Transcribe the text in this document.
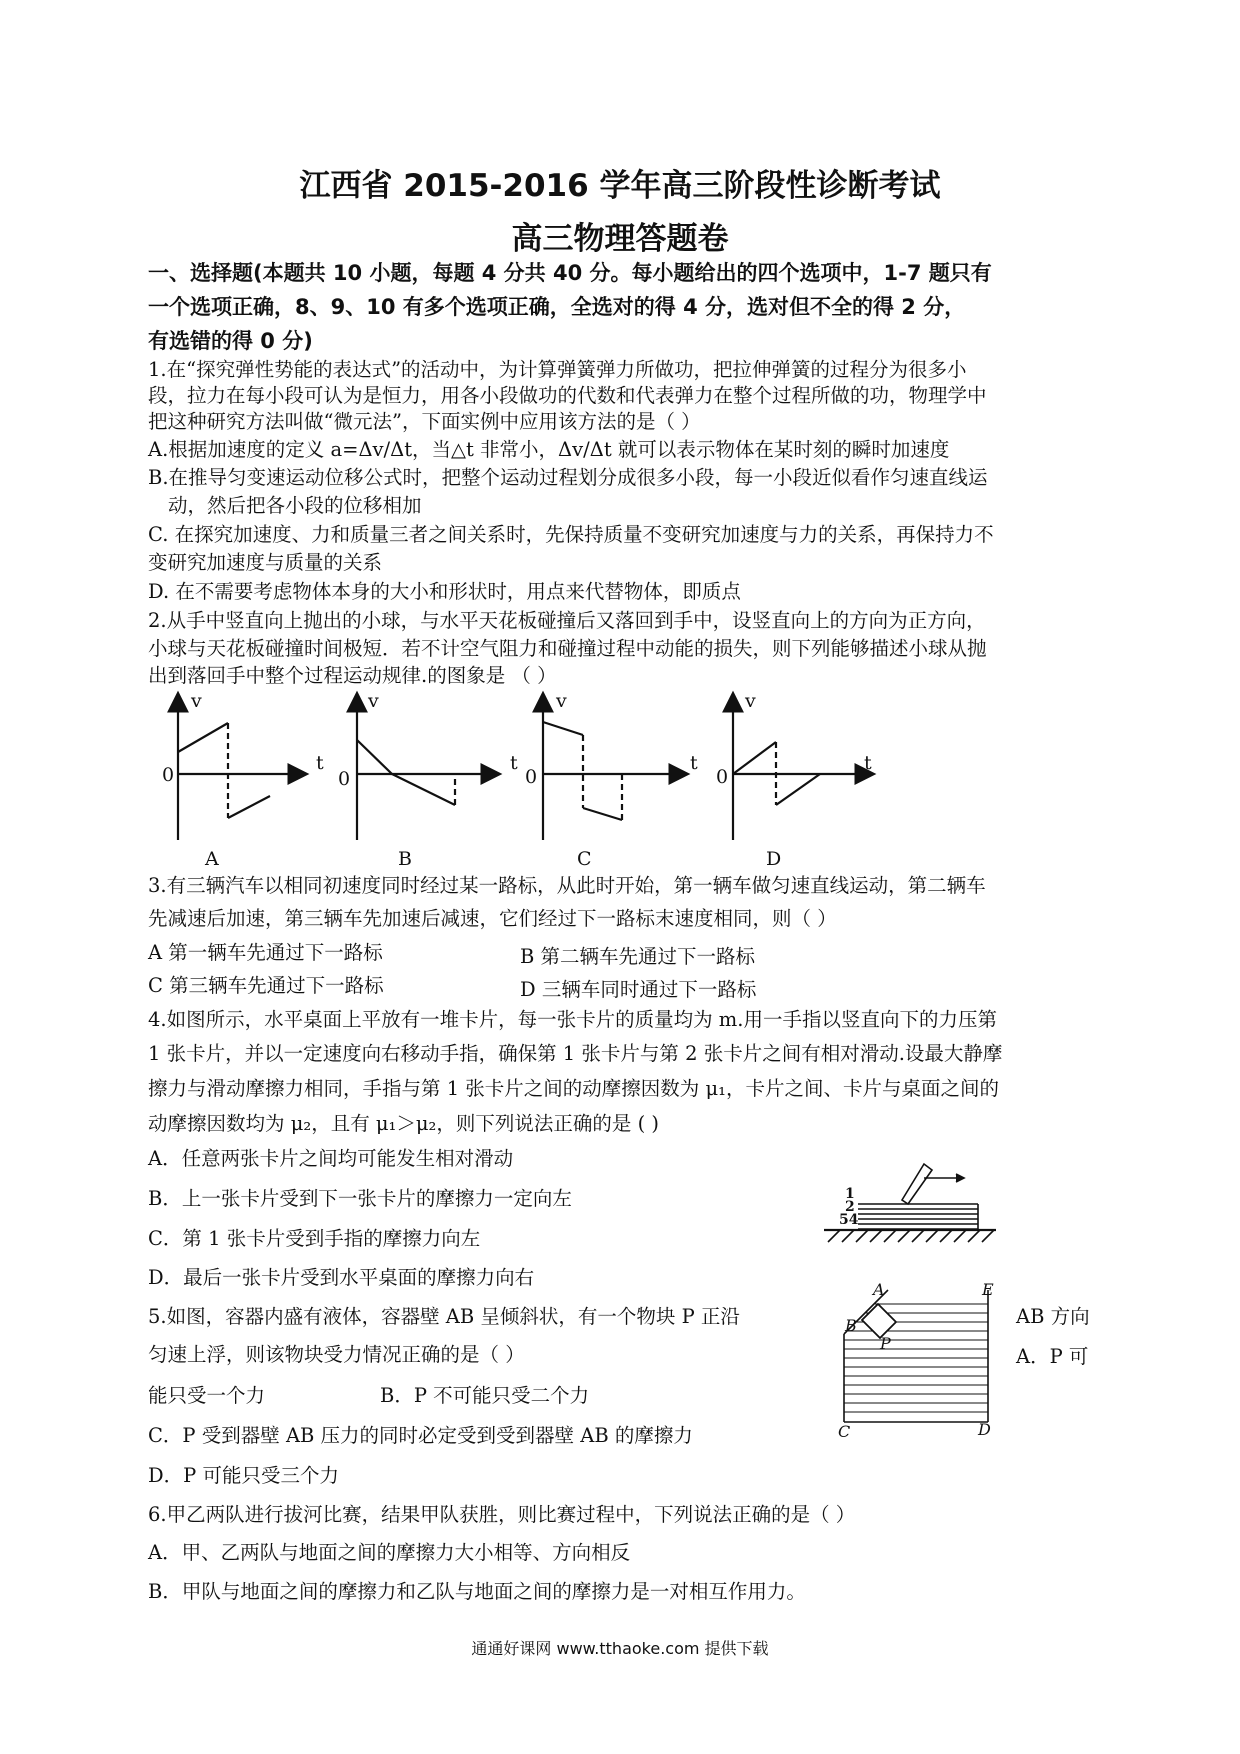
江西省 2015-2016 学年高三阶段性诊断考试
高三物理答题卷
一、选择题(本题共 10 小题，每题 4 分共 40 分。每小题给出的四个选项中，1-7 题只有
一个选项正确，8、9、10 有多个选项正确，全选对的得 4 分，选对但不全的得 2 分，
有选错的得 0 分)
1.在“探究弹性势能的表达式”的活动中，为计算弹簧弹力所做功，把拉伸弹簧的过程分为很多小
段，拉力在每小段可认为是恒力，用各小段做功的代数和代表弹力在整个过程所做的功，物理学中
把这种研究方法叫做“微元法”，下面实例中应用该方法的是（ ）
A.根据加速度的定义 a=Δv/Δt，当△t 非常小，Δv/Δt 就可以表示物体在某时刻的瞬时加速度
B.在推导匀变速运动位移公式时，把整个运动过程划分成很多小段，每一小段近似看作匀速直线运
动，然后把各小段的位移相加
C. 在探究加速度、力和质量三者之间关系时，先保持质量不变研究加速度与力的关系，再保持力不
变研究加速度与质量的关系
D. 在不需要考虑物体本身的大小和形状时，用点来代替物体，即质点
2.从手中竖直向上抛出的小球，与水平天花板碰撞后又落回到手中，设竖直向上的方向为正方向，
小球与天花板碰撞时间极短．若不计空气阻力和碰撞过程中动能的损失，则下列能够描述小球从抛
出到落回手中整个过程运动规律.的图象是 （ ）
v
t
0
A
v
t
0
B
v
t
0
C
v
t
0
D
3.有三辆汽车以相同初速度同时经过某一路标，从此时开始，第一辆车做匀速直线运动，第二辆车
先减速后加速，第三辆车先加速后减速，它们经过下一路标末速度相同，则（ ）
A 第一辆车先通过下一路标	B 第二辆车先通过下一路标
C 第三辆车先通过下一路标	D 三辆车同时通过下一路标
4.如图所示，水平桌面上平放有一堆卡片，每一张卡片的质量均为 m.用一手指以竖直向下的力压第
1 张卡片，并以一定速度向右移动手指，确保第 1 张卡片与第 2 张卡片之间有相对滑动.设最大静摩
擦力与滑动摩擦力相同，手指与第 1 张卡片之间的动摩擦因数为 μ₁，卡片之间、卡片与桌面之间的
动摩擦因数均为 μ₂，且有 μ₁＞μ₂，则下列说法正确的是 ( )
A．任意两张卡片之间均可能发生相对滑动
B．上一张卡片受到下一张卡片的摩擦力一定向左
C．第 1 张卡片受到手指的摩擦力向左
D．最后一张卡片受到水平桌面的摩擦力向右
1
2
54
5.如图，容器内盛有液体，容器壁 AB 呈倾斜状，有一个物块 P 正沿	AB 方向
匀速上浮，则该物块受力情况正确的是（ ）	A．P 可
能只受一个力	B．P 不可能只受二个力
C．P 受到器壁 AB 压力的同时必定受到受到器壁 AB 的摩擦力
D．P 可能只受三个力
A
B
P
E
C	D
6.甲乙两队进行拔河比赛，结果甲队获胜，则比赛过程中，下列说法正确的是（ ）
A．甲、乙两队与地面之间的摩擦力大小相等、方向相反
B．甲队与地面之间的摩擦力和乙队与地面之间的摩擦力是一对相互作用力。
通通好课网 www.tthaoke.com 提供下载
